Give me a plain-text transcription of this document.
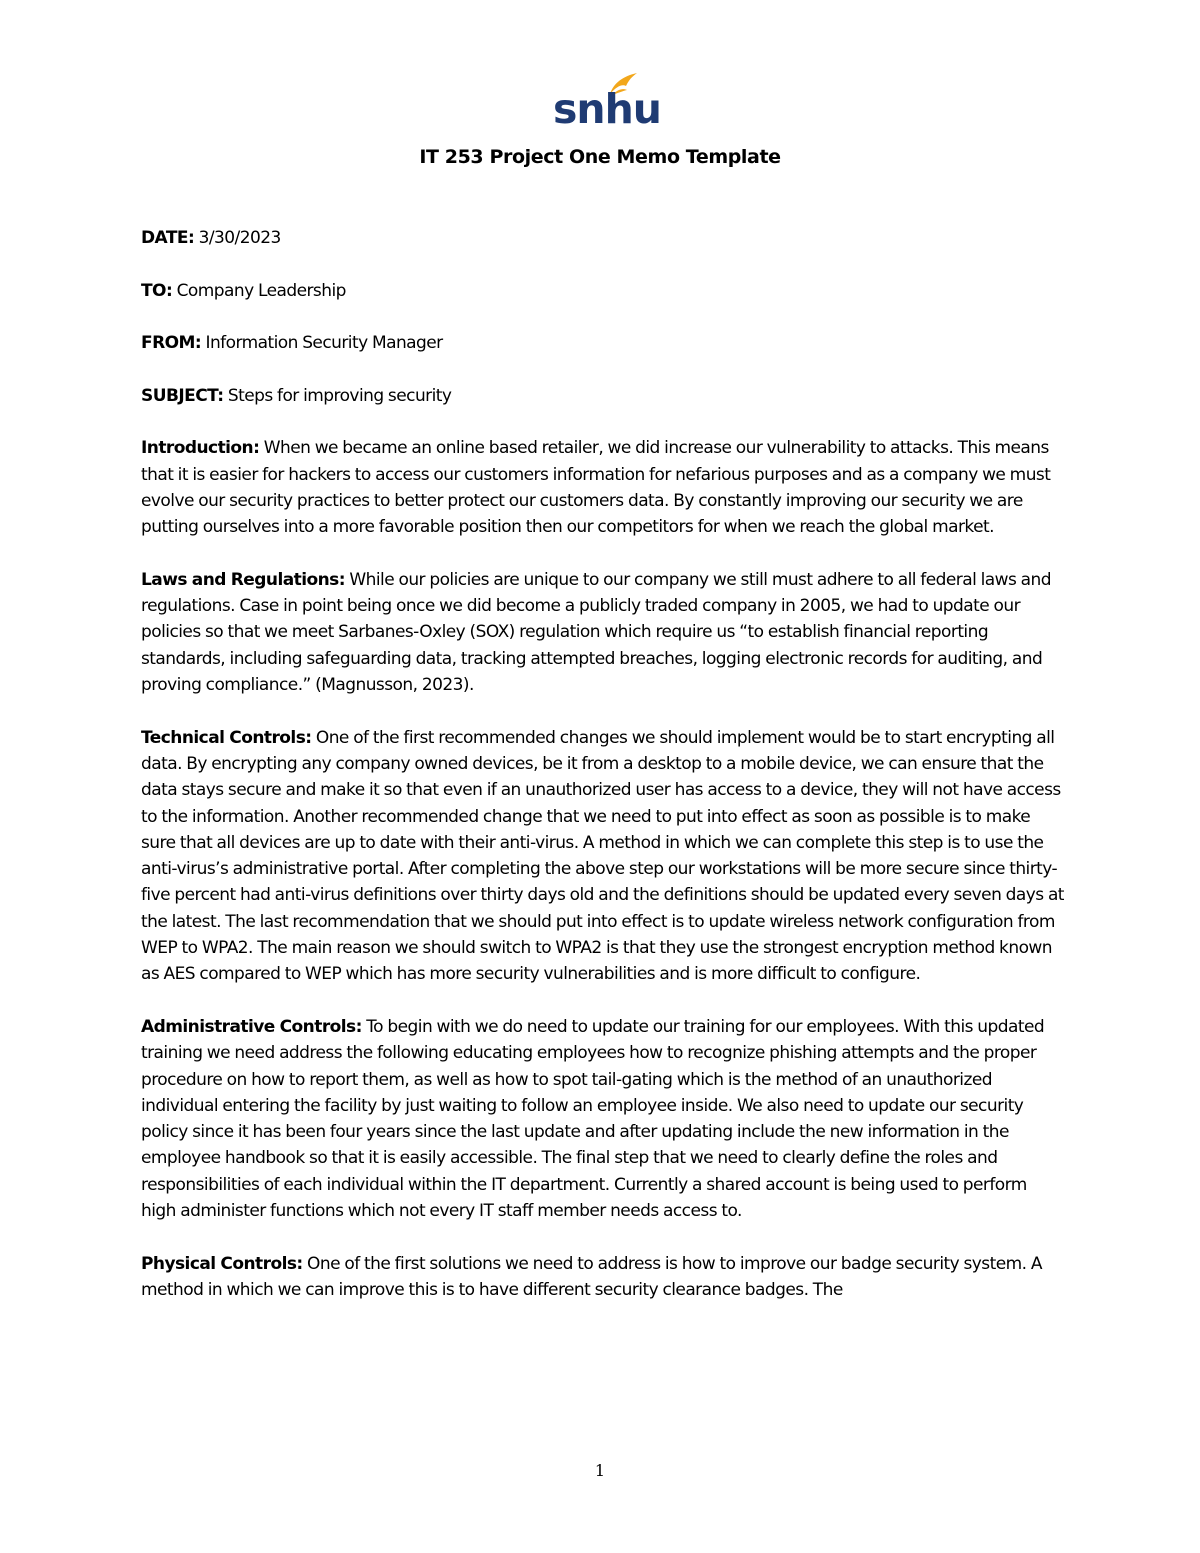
snhu
IT 253 Project One Memo Template

DATE: 3/30/2023

TO: Company Leadership

FROM: Information Security Manager

SUBJECT: Steps for improving security

Introduction: When we became an online based retailer, we did increase our vulnerability to attacks. This means that it is easier for hackers to access our customers information for nefarious purposes and as a company we must evolve our security practices to better protect our customers data. By constantly improving our security we are putting ourselves into a more favorable position then our competitors for when we reach the global market.

Laws and Regulations: While our policies are unique to our company we still must adhere to all federal laws and regulations. Case in point being once we did become a publicly traded company in 2005, we had to update our policies so that we meet Sarbanes-Oxley (SOX) regulation which require us “to establish financial reporting standards, including safeguarding data, tracking attempted breaches, logging electronic records for auditing, and proving compliance.” (Magnusson, 2023).

Technical Controls: One of the first recommended changes we should implement would be to start encrypting all data. By encrypting any company owned devices, be it from a desktop to a mobile device, we can ensure that the data stays secure and make it so that even if an unauthorized user has access to a device, they will not have access to the information. Another recommended change that we need to put into effect as soon as possible is to make sure that all devices are up to date with their anti-virus. A method in which we can complete this step is to use the anti-virus’s administrative portal. After completing the above step our workstations will be more secure since thirty-five percent had anti-virus definitions over thirty days old and the definitions should be updated every seven days at the latest. The last recommendation that we should put into effect is to update wireless network configuration from WEP to WPA2. The main reason we should switch to WPA2 is that they use the strongest encryption method known as AES compared to WEP which has more security vulnerabilities and is more difficult to configure.

Administrative Controls: To begin with we do need to update our training for our employees. With this updated training we need address the following educating employees how to recognize phishing attempts and the proper procedure on how to report them, as well as how to spot tail-gating which is the method of an unauthorized individual entering the facility by just waiting to follow an employee inside. We also need to update our security policy since it has been four years since the last update and after updating include the new information in the employee handbook so that it is easily accessible. The final step that we need to clearly define the roles and responsibilities of each individual within the IT department. Currently a shared account is being used to perform high administer functions which not every IT staff member needs access to.

Physical Controls: One of the first solutions we need to address is how to improve our badge security system. A method in which we can improve this is to have different security clearance badges. The

1
